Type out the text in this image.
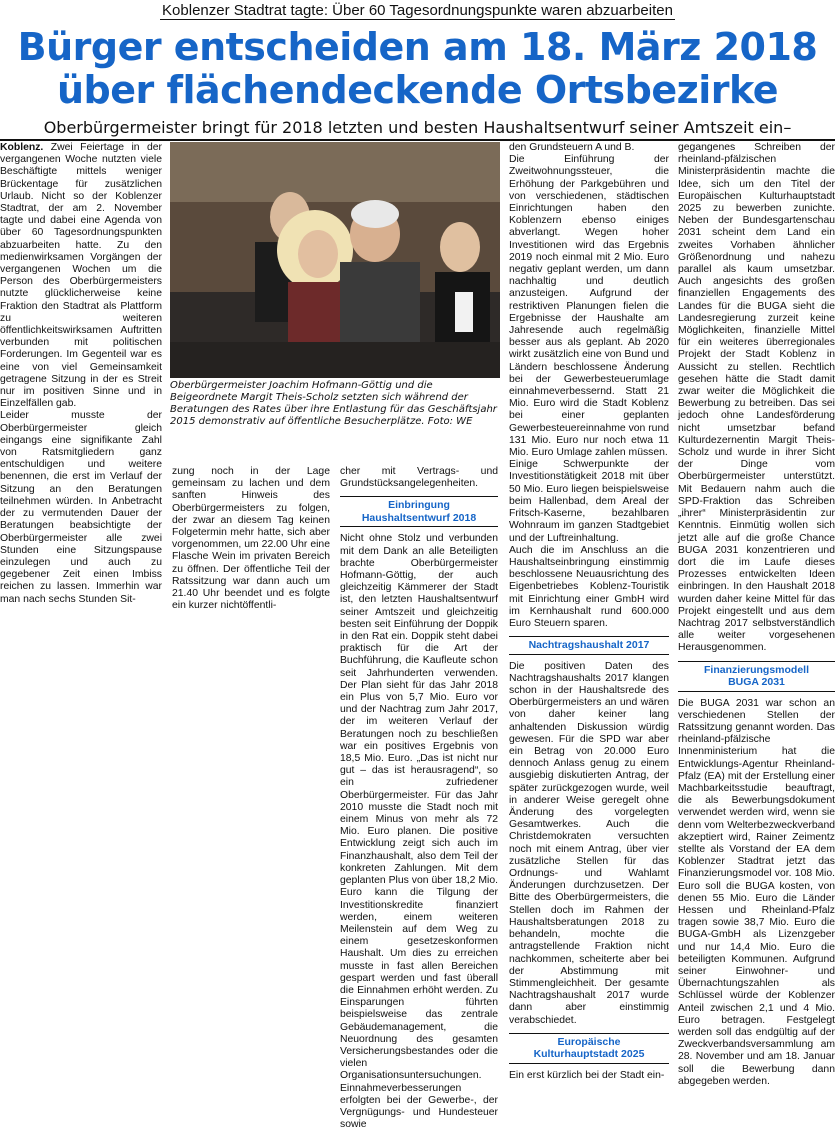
Koblenzer Stadtrat tagte: Über 60 Tagesordnungspunkte waren abzuarbeiten
Bürger entscheiden am 18. März 2018
über flächendeckende Ortsbezirke
Oberbürgermeister bringt für 2018 letzten und besten Haushaltsentwurf seiner Amtszeit ein–

Koblenz. Zwei Feiertage in der vergangenen Woche nutzten viele Beschäftigte mittels weniger Brückentage für zusätzlichen Urlaub. Nicht so der Koblenzer Stadtrat, der am 2. November tagte und dabei eine Agenda von über 60 Tagesordnungspunkten abzuarbeiten hatte. Zu den medienwirksamen Vorgängen der vergangenen Wochen um die Person des Oberbürgermeisters nutzte glücklicherweise keine Fraktion den Stadtrat als Plattform zu weiteren öffentlichkeitswirksamen Auftritten verbunden mit politischen Forderungen. Im Gegenteil war es eine von viel Gemeinsamkeit getragene Sitzung in der es Streit nur im positiven Sinne und in Einzelfällen gab.

Leider musste der Oberbürgermeister gleich eingangs eine signifikante Zahl von Ratsmitgliedern ganz entschuldigen und weitere benennen, die erst im Verlauf der Sitzung an den Beratungen teilnehmen würden. In Anbetracht der zu vermutenden Dauer der Beratungen beabsichtigte der Oberbürgermeister alle zwei Stunden eine Sitzungspause einzulegen und auch zu gegebener Zeit einen Imbiss reichen zu lassen. Immerhin war man nach sechs Stunden Sit-

Oberbürgermeister Joachim Hofmann-Göttig und die Beigeordnete Margit Theis-Scholz setzten sich während der Beratungen des Rates über ihre Entlastung für das Geschäftsjahr 2015 demonstrativ auf öffentliche Besucherplätze. Foto: WE

zung noch in der Lage gemeinsam zu lachen und dem sanften Hinweis des Oberbürgermeisters zu folgen, der zwar an diesem Tag keinen Folgetermin mehr hatte, sich aber vorgenommen, um 22.00 Uhr eine Flasche Wein im privaten Bereich zu öffnen. Der öffentliche Teil der Ratssitzung war dann auch um 21.40 Uhr beendet und es folgte ein kurzer nichtöffentli-

cher mit Vertrags- und Grundstücksangelegenheiten.

Einbringung
Haushaltsentwurf 2018

Nicht ohne Stolz und verbunden mit dem Dank an alle Beteiligten brachte Oberbürgermeister Hofmann-Göttig, der auch gleichzeitig Kämmerer der Stadt ist, den letzten Haushaltsentwurf seiner Amtszeit und gleichzeitig besten seit Einführung der Doppik in den Rat ein. Doppik steht dabei praktisch für die Art der Buchführung, die Kaufleute schon seit Jahrhunderten verwenden. Der Plan sieht für das Jahr 2018 ein Plus von 5,7 Mio. Euro vor und der Nachtrag zum Jahr 2017, der im weiteren Verlauf der Beratungen noch zu beschließen war ein positives Ergebnis von 18,5 Mio. Euro. „Das ist nicht nur gut – das ist herausragend“, so ein zufriedener Oberbürgermeister. Für das Jahr 2010 musste die Stadt noch mit einem Minus von mehr als 72 Mio. Euro planen. Die positive Entwicklung zeigt sich auch im Finanzhaushalt, also dem Teil der konkreten Zahlungen. Mit dem geplanten Plus von über 18,2 Mio. Euro kann die Tilgung der Investitionskredite finanziert werden, einem weiteren Meilenstein auf dem Weg zu einem gesetzeskonformen Haushalt. Um dies zu erreichen musste in fast allen Bereichen gespart werden und fast überall die Einnahmen erhöht werden. Zu Einsparungen führten beispielsweise das zentrale Gebäudemanagement, die Neuordnung des gesamten Versicherungsbestandes oder die vielen Organisationsuntersuchungen. Einnahmeverbesserungen erfolgten bei der Gewerbe-, der Vergnügungs- und Hundesteuer sowie

den Grundsteuern A und B.

Die Einführung der Zweitwohnungssteuer, die Erhöhung der Parkgebühren und von verschiedenen, städtischen Einrichtungen haben den Koblenzern ebenso einiges abverlangt. Wegen hoher Investitionen wird das Ergebnis 2019 noch einmal mit 2 Mio. Euro negativ geplant werden, um dann nachhaltig und deutlich anzusteigen. Aufgrund der restriktiven Planungen fielen die Ergebnisse der Haushalte am Jahresende auch regelmäßig besser aus als geplant. Ab 2020 wirkt zusätzlich eine von Bund und Ländern beschlossene Änderung bei der Gewerbesteuerumlage einnahmeverbessernd. Statt 21 Mio. Euro wird die Stadt Koblenz bei einer geplanten Gewerbesteuereinnahme von rund 131 Mio. Euro nur noch etwa 11 Mio. Euro Umlage zahlen müssen.

Einige Schwerpunkte der Investitionstätigkeit 2018 mit über 50 Mio. Euro liegen beispielsweise beim Hallenbad, dem Areal der Fritsch-Kaserne, bezahlbaren Wohnraum im ganzen Stadtgebiet und der Luftreinhaltung.

Auch die im Anschluss an die Haushaltseinbringung einstimmig beschlossene Neuausrichtung des Eigenbetriebes Koblenz-Touristik mit Einrichtung einer GmbH wird im Kernhaushalt rund 600.000 Euro Steuern sparen.

Nachtragshaushalt 2017

Die positiven Daten des Nachtragshaushalts 2017 klangen schon in der Haushaltsrede des Oberbürgermeisters an und wären von daher keiner lang anhaltenden Diskussion würdig gewesen. Für die SPD war aber ein Betrag von 20.000 Euro dennoch Anlass genug zu einem ausgiebig diskutierten Antrag, der später zurückgezogen wurde, weil in anderer Weise geregelt ohne Änderung des vorgelegten Gesamtwerkes. Auch die Christdemokraten versuchten noch mit einem Antrag, über vier zusätzliche Stellen für das Ordnungs- und Wahlamt Änderungen durchzusetzen. Der Bitte des Oberbürgermeisters, die Stellen doch im Rahmen der Haushaltsberatungen 2018 zu behandeln, mochte die antragstellende Fraktion nicht nachkommen, scheiterte aber bei der Abstimmung mit Stimmengleichheit. Der gesamte Nachtragshaushalt 2017 wurde dann aber einstimmig verabschiedet.

Europäische
Kulturhauptstadt 2025

Ein erst kürzlich bei der Stadt ein-

gegangenes Schreiben der rheinland-pfälzischen Ministerpräsidentin machte die Idee, sich um den Titel der Europäischen Kulturhauptstadt 2025 zu bewerben zunichte. Neben der Bundesgartenschau 2031 scheint dem Land ein zweites Vorhaben ähnlicher Größenordnung und nahezu parallel als kaum umsetzbar. Auch angesichts des großen finanziellen Engagements des Landes für die BUGA sieht die Landesregierung zurzeit keine Möglichkeiten, finanzielle Mittel für ein weiteres überregionales Projekt der Stadt Koblenz in Aussicht zu stellen. Rechtlich gesehen hätte die Stadt damit zwar weiter die Möglichkeit die Bewerbung zu betreiben. Das sei jedoch ohne Landesförderung nicht umsetzbar befand Kulturdezernentin Margit Theis-Scholz und wurde in ihrer Sicht der Dinge vom Oberbürgermeister unterstützt. Mit Bedauern nahm auch die SPD-Fraktion das Schreiben „ihrer“ Ministerpräsidentin zur Kenntnis. Einmütig wollen sich jetzt alle auf die große Chance BUGA 2031 konzentrieren und dort die im Laufe dieses Prozesses entwickelten Ideen einbringen. In den Haushalt 2018 wurden daher keine Mittel für das Projekt eingestellt und aus dem Nachtrag 2017 selbstverständlich alle weiter vorgesehenen Herausgenommen.

Finanzierungsmodell
BUGA 2031

Die BUGA 2031 war schon an verschiedenen Stellen der Ratssitzung genannt worden. Das rheinland-pfälzische Innenministerium hat die Entwicklungs-Agentur Rheinland-Pfalz (EA) mit der Erstellung einer Machbarkeitsstudie beauftragt, die als Bewerbungsdokument verwendet werden wird, wenn sie denn vom Welterbezweckverband akzeptiert wird, Rainer Zeimentz stellte als Vorstand der EA dem Koblenzer Stadtrat jetzt das Finanzierungsmodel vor. 108 Mio. Euro soll die BUGA kosten, von denen 55 Mio. Euro die Länder Hessen und Rheinland-Pfalz tragen sowie 38,7 Mio. Euro die BUGA-GmbH als Lizenzgeber und nur 14,4 Mio. Euro die beteiligten Kommunen. Aufgrund seiner Einwohner- und Übernachtungszahlen als Schlüssel würde der Koblenzer Anteil zwischen 2,1 und 4 Mio. Euro betragen. Festgelegt werden soll das endgültig auf der Zweckverbandsversammlung am 28. November und am 18. Januar soll die Bewerbung dann abgegeben werden.
